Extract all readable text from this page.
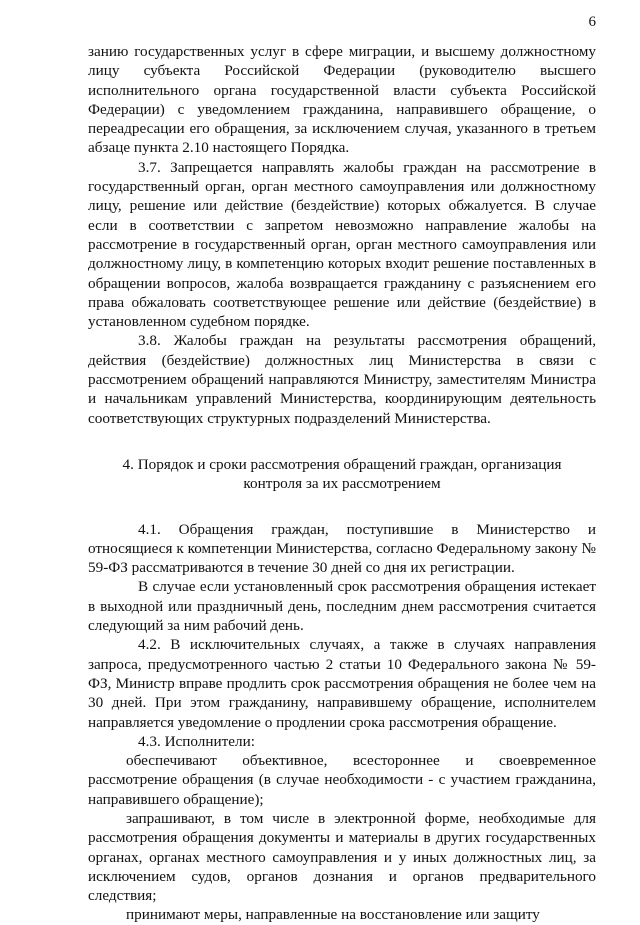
6

занию государственных услуг в сфере миграции, и высшему должностному лицу субъекта Российской Федерации (руководителю высшего исполнительного органа государственной власти субъекта Российской Федерации) с уведомлением гражданина, направившего обращение, о переадресации его обращения, за исключением случая, указанного в третьем абзаце пункта 2.10 настоящего Порядка.

3.7. Запрещается направлять жалобы граждан на рассмотрение в государственный орган, орган местного самоуправления или должностному лицу, решение или действие (бездействие) которых обжалуется. В случае если в соответствии с запретом невозможно направление жалобы на рассмотрение в государственный орган, орган местного самоуправления или должностному лицу, в компетенцию которых входит решение поставленных в обращении вопросов, жалоба возвращается гражданину с разъяснением его права обжаловать соответствующее решение или действие (бездействие) в установленном судебном порядке.

3.8. Жалобы граждан на результаты рассмотрения обращений, действия (бездействие) должностных лиц Министерства в связи с рассмотрением обращений направляются Министру, заместителям Министра и начальникам управлений Министерства, координирующим деятельность соответствующих структурных подразделений Министерства.

4. Порядок и сроки рассмотрения обращений граждан, организация
контроля за их рассмотрением

4.1. Обращения граждан, поступившие в Министерство и относящиеся к компетенции Министерства, согласно Федеральному закону № 59-ФЗ рассматриваются в течение 30 дней со дня их регистрации.

В случае если установленный срок рассмотрения обращения истекает в выходной или праздничный день, последним днем рассмотрения считается следующий за ним рабочий день.

4.2. В исключительных случаях, а также в случаях направления запроса, предусмотренного частью 2 статьи 10 Федерального закона № 59-ФЗ, Министр вправе продлить срок рассмотрения обращения не более чем на 30 дней. При этом гражданину, направившему обращение, исполнителем направляется уведомление о продлении срока рассмотрения обращение.

4.3. Исполнители:

обеспечивают объективное, всестороннее и своевременное рассмотрение обращения (в случае необходимости - с участием гражданина, направившего обращение);

запрашивают, в том числе в электронной форме, необходимые для рассмотрения обращения документы и материалы в других государственных органах, органах местного самоуправления и у иных должностных лиц, за исключением судов, органов дознания и органов предварительного следствия;

принимают меры, направленные на восстановление или защиту
